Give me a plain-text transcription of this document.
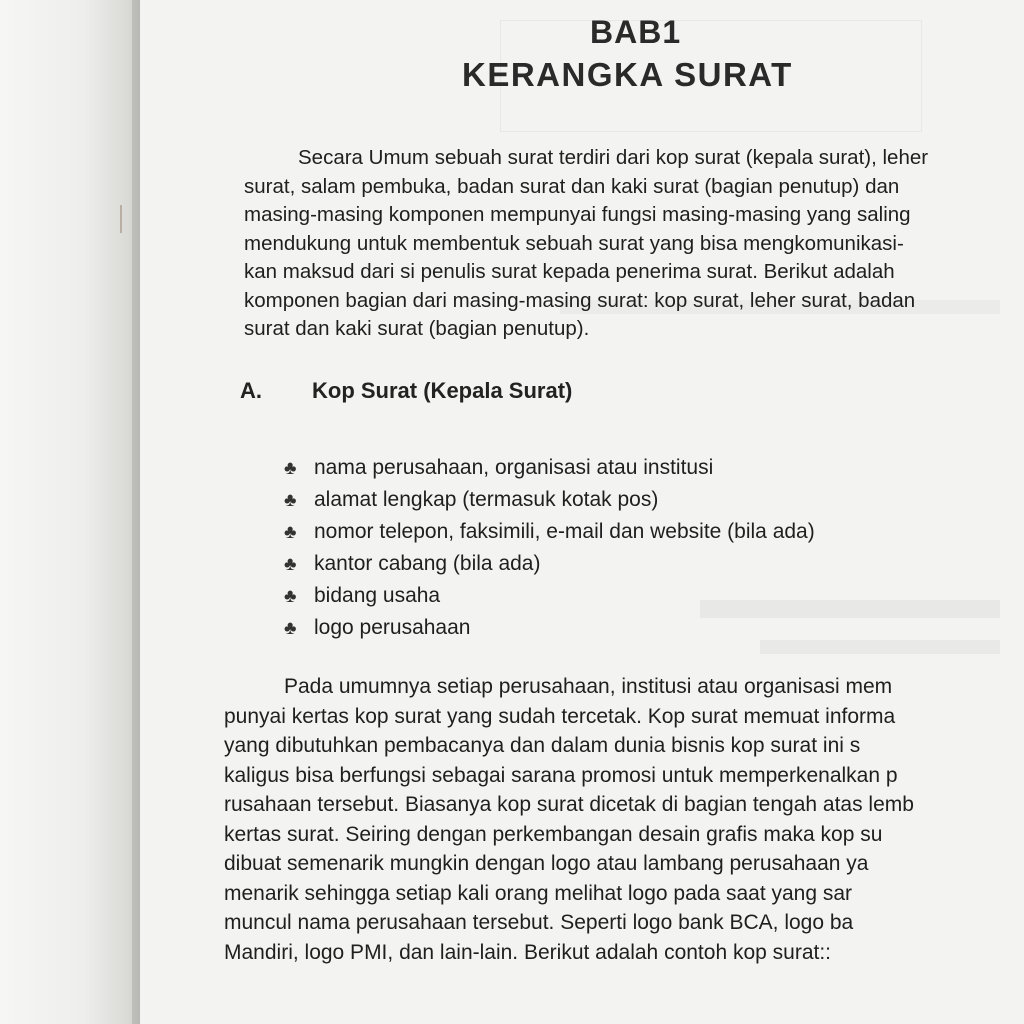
BAB1
KERANGKA SURAT
Secara Umum sebuah surat terdiri dari kop surat (kepala surat), leher
surat, salam pembuka, badan surat dan kaki surat (bagian penutup) dan
masing-masing komponen mempunyai fungsi masing-masing yang saling
mendukung untuk membentuk sebuah surat yang bisa mengkomunikasi-
kan maksud dari si penulis surat kepada penerima surat. Berikut adalah
komponen bagian dari masing-masing surat: kop surat, leher surat, badan
surat dan kaki surat (bagian penutup).
A. Kop Surat (Kepala Surat)
♣ nama perusahaan, organisasi atau institusi
♣ alamat lengkap (termasuk kotak pos)
♣ nomor telepon, faksimili, e-mail dan website (bila ada)
♣ kantor cabang (bila ada)
♣ bidang usaha
♣ logo perusahaan
Pada umumnya setiap perusahaan, institusi atau organisasi mem
punyai kertas kop surat yang sudah tercetak. Kop surat memuat informa
yang dibutuhkan pembacanya dan dalam dunia bisnis kop surat ini s
kaligus bisa berfungsi sebagai sarana promosi untuk memperkenalkan p
rusahaan tersebut. Biasanya kop surat dicetak di bagian tengah atas lemb
kertas surat. Seiring dengan perkembangan desain grafis maka kop su
dibuat semenarik mungkin dengan logo atau lambang perusahaan ya
menarik sehingga setiap kali orang melihat logo pada saat yang sar
muncul nama perusahaan tersebut. Seperti logo bank BCA, logo ba
Mandiri, logo PMI, dan lain-lain. Berikut adalah contoh kop surat::
